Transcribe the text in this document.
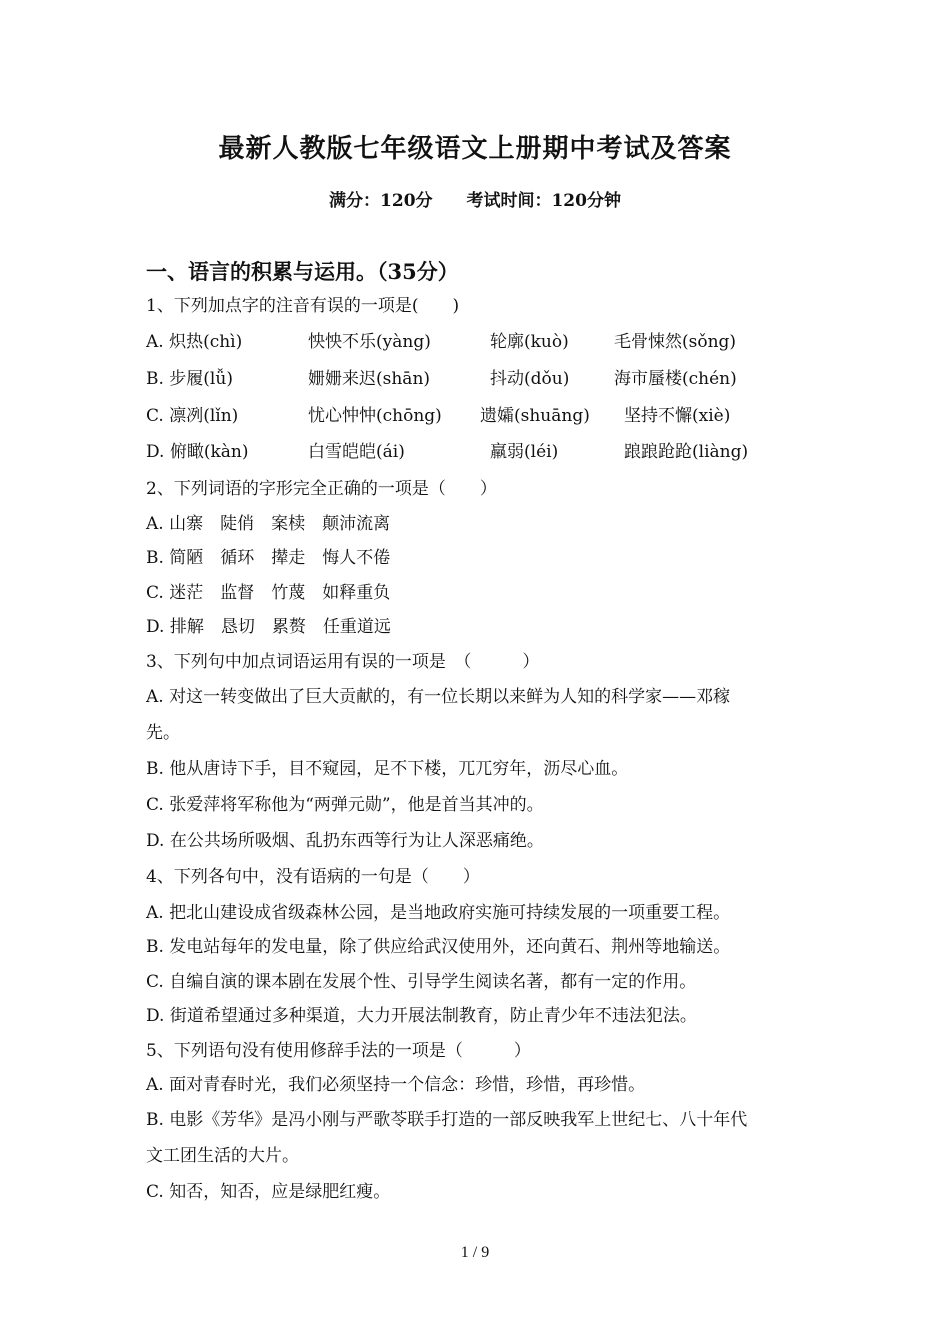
最新人教版七年级语文上册期中考试及答案
满分：120分 考试时间：120分钟
一、语言的积累与运用。（35分）
1、下列加点字的注音有误的一项是(　　)
A. 炽热(chì)	怏怏不乐(yàng)	轮廓(kuò)	毛骨悚然(sǒng)
B. 步履(lǚ)	姗姗来迟(shān)	抖动(dǒu)	海市蜃楼(chén)
C. 凛冽(lǐn)	忧心忡忡(chōng) 遗孀(shuāng) 坚持不懈(xiè)
D. 俯瞰(kàn)	白雪皑皑(ái)	羸弱(léi)	踉踉跄跄(liàng)
2、下列词语的字形完全正确的一项是（　　）
A. 山寨　陡俏　案椟　颠沛流离
B. 简陋　循环　撵走　悔人不倦
C. 迷茫　监督　竹蔑　如释重负
D. 排解　恳切　累赘　任重道远
3、下列句中加点词语运用有误的一项是　（　　　）
A. 对这一转变做出了巨大贡献的，有一位长期以来鲜为人知的科学家——邓稼
先。
B. 他从唐诗下手，目不窥园，足不下楼，兀兀穷年，沥尽心血。
C. 张爱萍将军称他为“两弹元勋”，他是首当其冲的。
D. 在公共场所吸烟、乱扔东西等行为让人深恶痛绝。
4、下列各句中，没有语病的一句是（　　）
A. 把北山建设成省级森林公园，是当地政府实施可持续发展的一项重要工程。
B. 发电站每年的发电量，除了供应给武汉使用外，还向黄石、荆州等地输送。
C. 自编自演的课本剧在发展个性、引导学生阅读名著，都有一定的作用。
D. 街道希望通过多种渠道，大力开展法制教育，防止青少年不违法犯法。
5、下列语句没有使用修辞手法的一项是（　　　）
A. 面对青春时光，我们必须坚持一个信念：珍惜，珍惜，再珍惜。
B. 电影《芳华》是冯小刚与严歌苓联手打造的一部反映我军上世纪七、八十年代
文工团生活的大片。
C. 知否，知否，应是绿肥红瘦。
1 / 9
